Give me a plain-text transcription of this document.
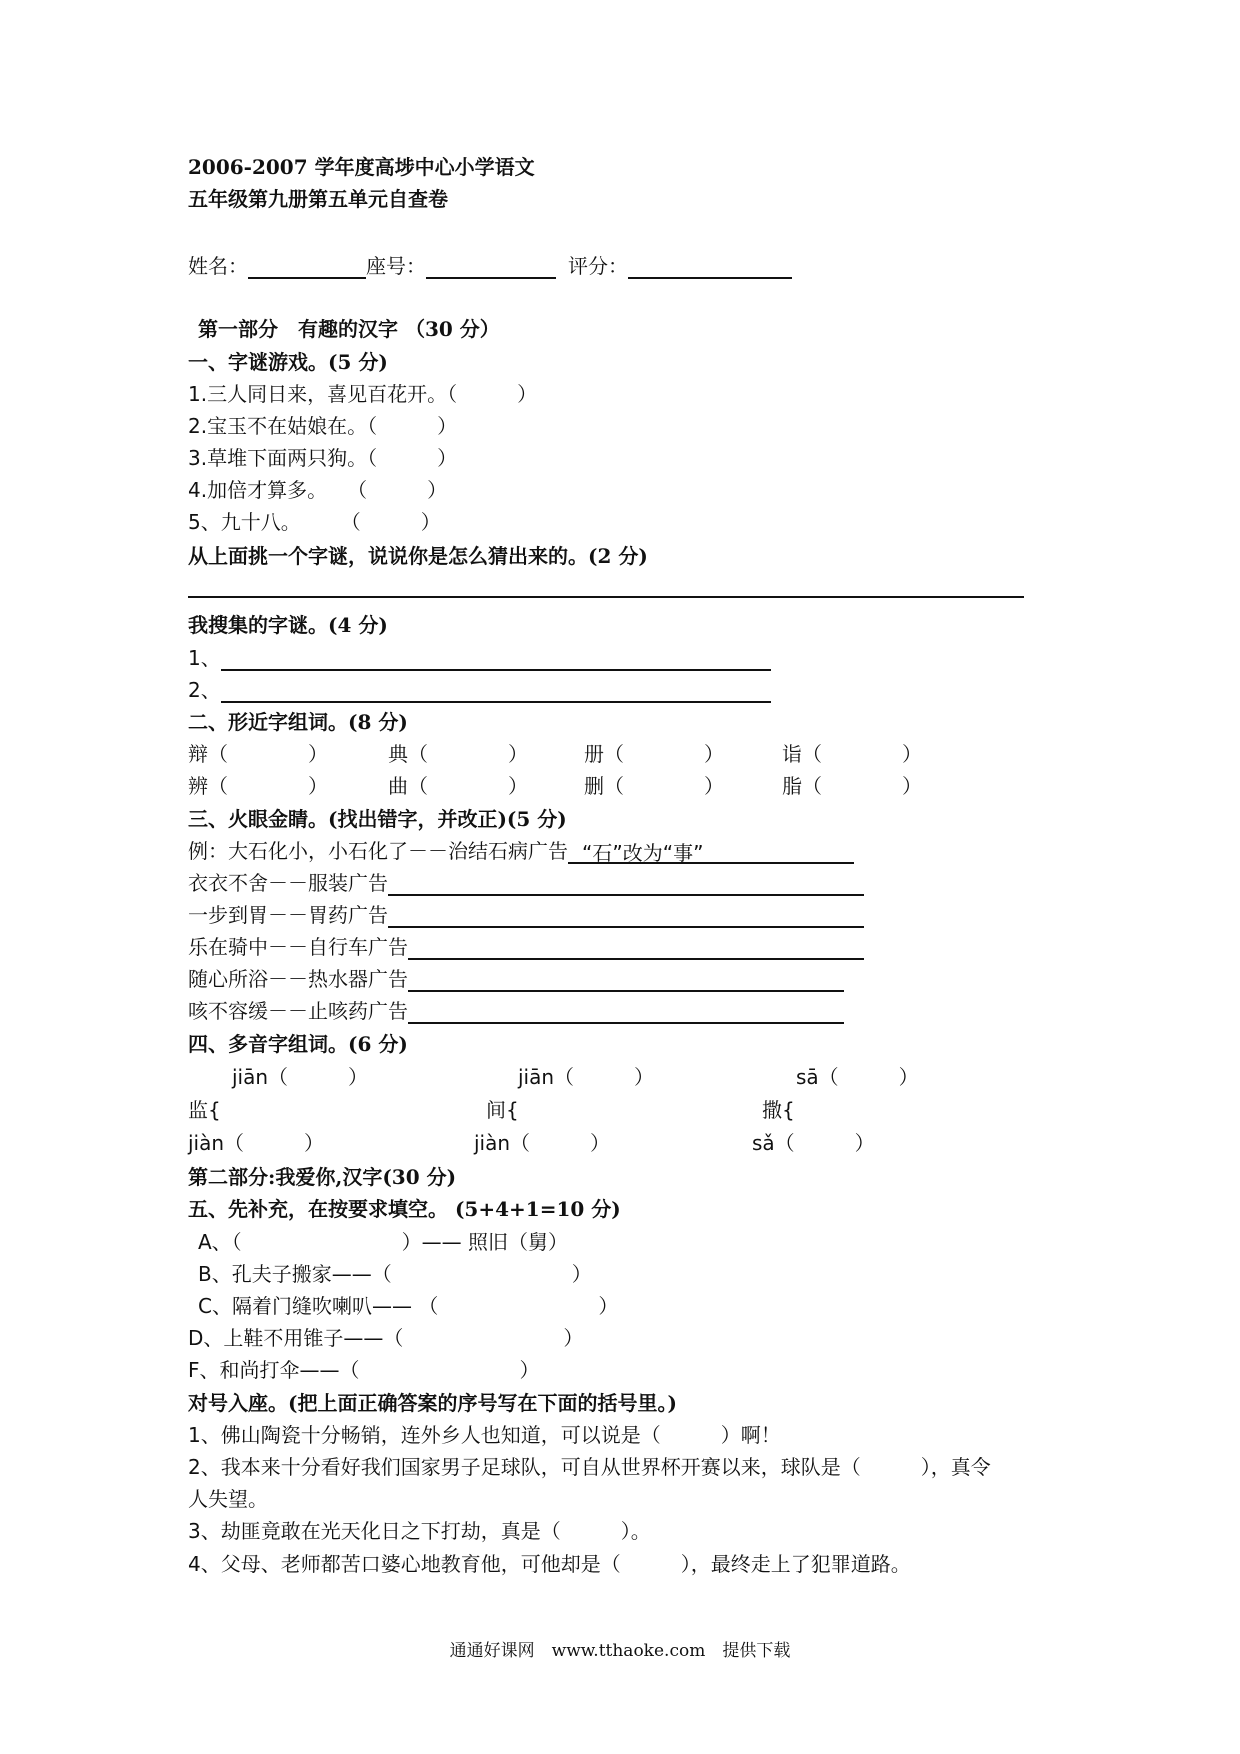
2006-2007 学年度高埗中心小学语文
五年级第九册第五单元自查卷
姓名：	座号：	评分：
第一部分　有趣的汉字 （30 分）
一、字谜游戏。(5 分)
1.三人同日来，喜见百花开。（　　　）
2.宝玉不在姑娘在。（　　　）
3.草堆下面两只狗。（　　　）
4.加倍才算多。　　（　　　）
5、九十八。　　　（　　　）
从上面挑一个字谜，说说你是怎么猜出来的。(2 分)
我搜集的字谜。(4 分)
1、
2、
二、形近字组词。(8 分)
辩（　　　　）	典（　　　　）	册（　　　　）	诣（　　　　）
辨（　　　　）	曲（　　　　）	删（　　　　）	脂（　　　　）
三、火眼金睛。(找出错字，并改正)(5 分)
例：大石化小，小石化了－－治结石病广告 “石”改为“事”
衣衣不舍－－服装广告
一步到胃－－胃药广告
乐在骑中－－自行车广告
随心所浴－－热水器广告
咳不容缓－－止咳药广告
四、多音字组词。(6 分)
jiān（　　　）	jiān（　　　）	sā（　　　）
监{	间{	撒{
jiàn（　　　）	jiàn（　　　）	sǎ（　　　）
第二部分:我爱你,汉字(30 分)
五、先补充，在按要求填空。 (5+4+1=10 分)
A、（　　　　　　　　）—— 照旧（舅）
B、孔夫子搬家——（　　　　　　　　　）
C、隔着门缝吹喇叭—— （　　　　　　　　）
D、上鞋不用锥子——（　　　　　　　　）
F、和尚打伞——（　　　　　　　　）
对号入座。(把上面正确答案的序号写在下面的括号里。)
1、佛山陶瓷十分畅销，连外乡人也知道，可以说是（　　　）啊！
2、我本来十分看好我们国家男子足球队，可自从世界杯开赛以来，球队是（　　　），真令
人失望。
3、劫匪竟敢在光天化日之下打劫，真是（　　　）。
4、父母、老师都苦口婆心地教育他，可他却是（　　　），最终走上了犯罪道路。
通通好课网　www.tthaoke.com　提供下载
